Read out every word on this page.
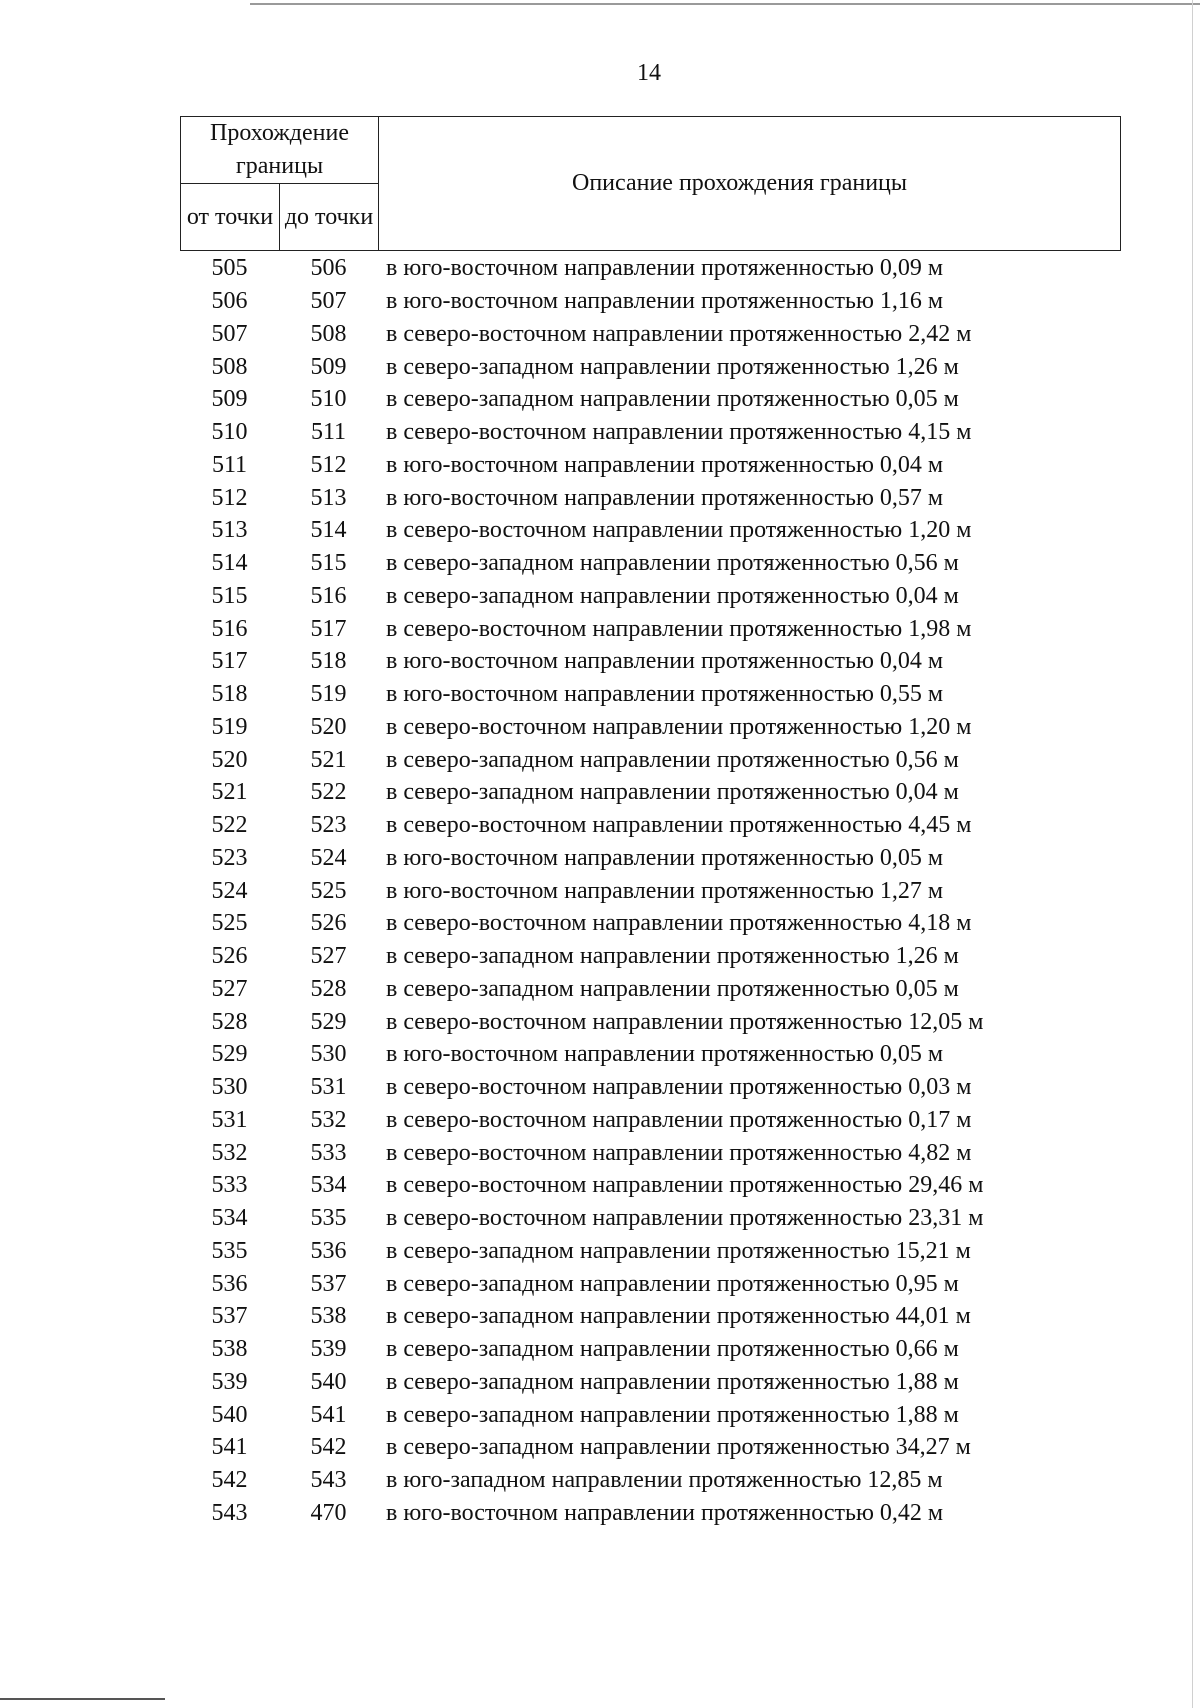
14
Прохождение границы		Описание прохождения границы
от точки	до точки	
505	506	в юго-восточном направлении протяженностью 0,09 м
506	507	в юго-восточном направлении протяженностью 1,16 м
507	508	в северо-восточном направлении протяженностью 2,42 м
508	509	в северо-западном направлении протяженностью 1,26 м
509	510	в северо-западном направлении протяженностью 0,05 м
510	511	в северо-восточном направлении протяженностью 4,15 м
511	512	в юго-восточном направлении протяженностью 0,04 м
512	513	в юго-восточном направлении протяженностью 0,57 м
513	514	в северо-восточном направлении протяженностью 1,20 м
514	515	в северо-западном направлении протяженностью 0,56 м
515	516	в северо-западном направлении протяженностью 0,04 м
516	517	в северо-восточном направлении протяженностью 1,98 м
517	518	в юго-восточном направлении протяженностью 0,04 м
518	519	в юго-восточном направлении протяженностью 0,55 м
519	520	в северо-восточном направлении протяженностью 1,20 м
520	521	в северо-западном направлении протяженностью 0,56 м
521	522	в северо-западном направлении протяженностью 0,04 м
522	523	в северо-восточном направлении протяженностью 4,45 м
523	524	в юго-восточном направлении протяженностью 0,05 м
524	525	в юго-восточном направлении протяженностью 1,27 м
525	526	в северо-восточном направлении протяженностью 4,18 м
526	527	в северо-западном направлении протяженностью 1,26 м
527	528	в северо-западном направлении протяженностью 0,05 м
528	529	в северо-восточном направлении протяженностью 12,05 м
529	530	в юго-восточном направлении протяженностью 0,05 м
530	531	в северо-восточном направлении протяженностью 0,03 м
531	532	в северо-восточном направлении протяженностью 0,17 м
532	533	в северо-восточном направлении протяженностью 4,82 м
533	534	в северо-восточном направлении протяженностью 29,46 м
534	535	в северо-восточном направлении протяженностью 23,31 м
535	536	в северо-западном направлении протяженностью 15,21 м
536	537	в северо-западном направлении протяженностью 0,95 м
537	538	в северо-западном направлении протяженностью 44,01 м
538	539	в северо-западном направлении протяженностью 0,66 м
539	540	в северо-западном направлении протяженностью 1,88 м
540	541	в северо-западном направлении протяженностью 1,88 м
541	542	в северо-западном направлении протяженностью 34,27 м
542	543	в юго-западном направлении протяженностью 12,85 м
543	470	в юго-восточном направлении протяженностью 0,42 м
